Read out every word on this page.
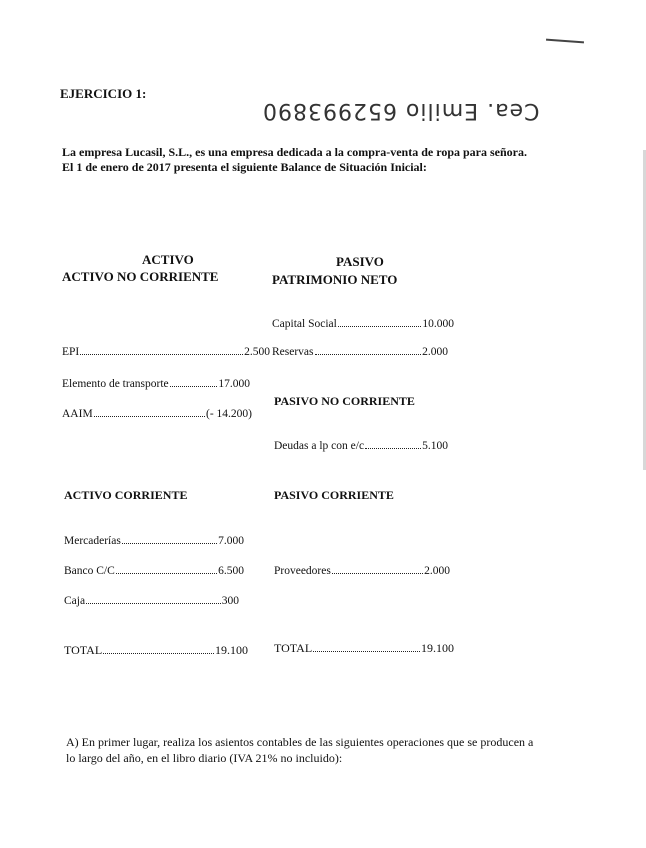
EJERCICIO 1:
Cea. Emilio 652993890
La empresa Lucasil, S.L., es una empresa dedicada a la compra-venta de ropa para señora.
El 1 de enero de 2017 presenta el siguiente Balance de Situación Inicial:
ACTIVO
ACTIVO NO CORRIENTE
EPI	2.500
Elemento de transporte	17.000
AAIM	(- 14.200)
ACTIVO CORRIENTE
Mercaderías	7.000
Banco C/C	6.500
Caja	300
TOTAL	19.100
PASIVO
PATRIMONIO NETO
Capital Social	10.000
Reservas	2.000
PASIVO NO CORRIENTE
Deudas a lp con e/c	5.100
PASIVO CORRIENTE
Proveedores	2.000
TOTAL	19.100
A) En primer lugar, realiza los asientos contables de las siguientes operaciones que se producen a
lo largo del año, en el libro diario (IVA 21% no incluido):
